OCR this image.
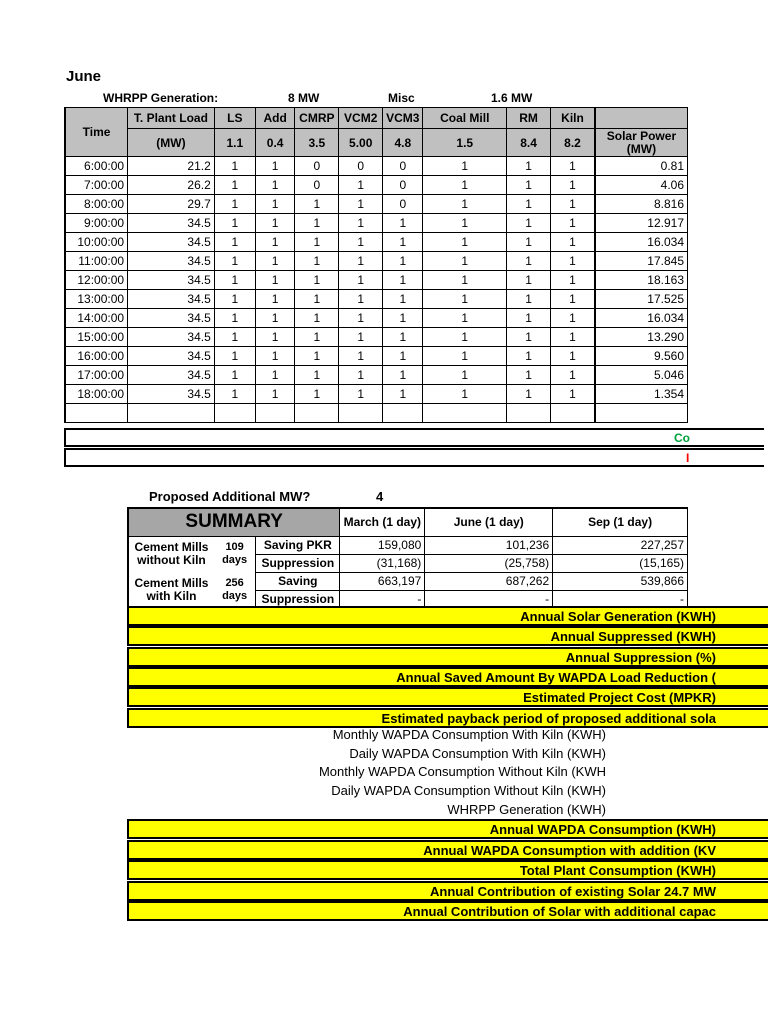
June
WHRPP Generation:	8 MW	Misc	1.6 MW
Time	T. Plant Load	LS	Add	CMRP	VCM2	VCM3	Coal Mill	RM	Kiln	
	(MW)	1.1	0.4	3.5	5.00	4.8	1.5	8.4	8.2	Solar Power (MW)
6:00:00	21.2	1	1	0	0	0	1	1	1	0.81
7:00:00	26.2	1	1	0	1	0	1	1	1	4.06
8:00:00	29.7	1	1	1	1	0	1	1	1	8.816
9:00:00	34.5	1	1	1	1	1	1	1	1	12.917
10:00:00	34.5	1	1	1	1	1	1	1	1	16.034
11:00:00	34.5	1	1	1	1	1	1	1	1	17.845
12:00:00	34.5	1	1	1	1	1	1	1	1	18.163
13:00:00	34.5	1	1	1	1	1	1	1	1	17.525
14:00:00	34.5	1	1	1	1	1	1	1	1	16.034
15:00:00	34.5	1	1	1	1	1	1	1	1	13.290
16:00:00	34.5	1	1	1	1	1	1	1	1	9.560
17:00:00	34.5	1	1	1	1	1	1	1	1	5.046
18:00:00	34.5	1	1	1	1	1	1	1	1	1.354

Co
I
Proposed Additional MW?	4
SUMMARY			March (1 day)	June (1 day)	Sep (1 day)
Cement Mills without Kiln	109 days	Saving PKR	159,080	101,236	227,257
		Suppression	(31,168)	(25,758)	(15,165)
Cement Mills with Kiln	256 days	Saving	663,197	687,262	539,866
		Suppression	-	-	-
Annual Solar Generation (KWH)
Annual Suppressed (KWH)
Annual Suppression (%)
Annual Saved Amount By WAPDA Load Reduction (
Estimated Project Cost (MPKR)
Estimated payback period of proposed additional sola
Monthly WAPDA Consumption With Kiln (KWH)
Daily WAPDA Consumption With Kiln (KWH)
Monthly WAPDA Consumption Without Kiln (KWH
Daily WAPDA Consumption Without Kiln (KWH)
WHRPP Generation (KWH)
Annual WAPDA Consumption (KWH)
Annual WAPDA Consumption with addition (KV
Total Plant Consumption (KWH)
Annual Contribution of existing Solar 24.7 MW
Annual Contribution of Solar with additional capac
